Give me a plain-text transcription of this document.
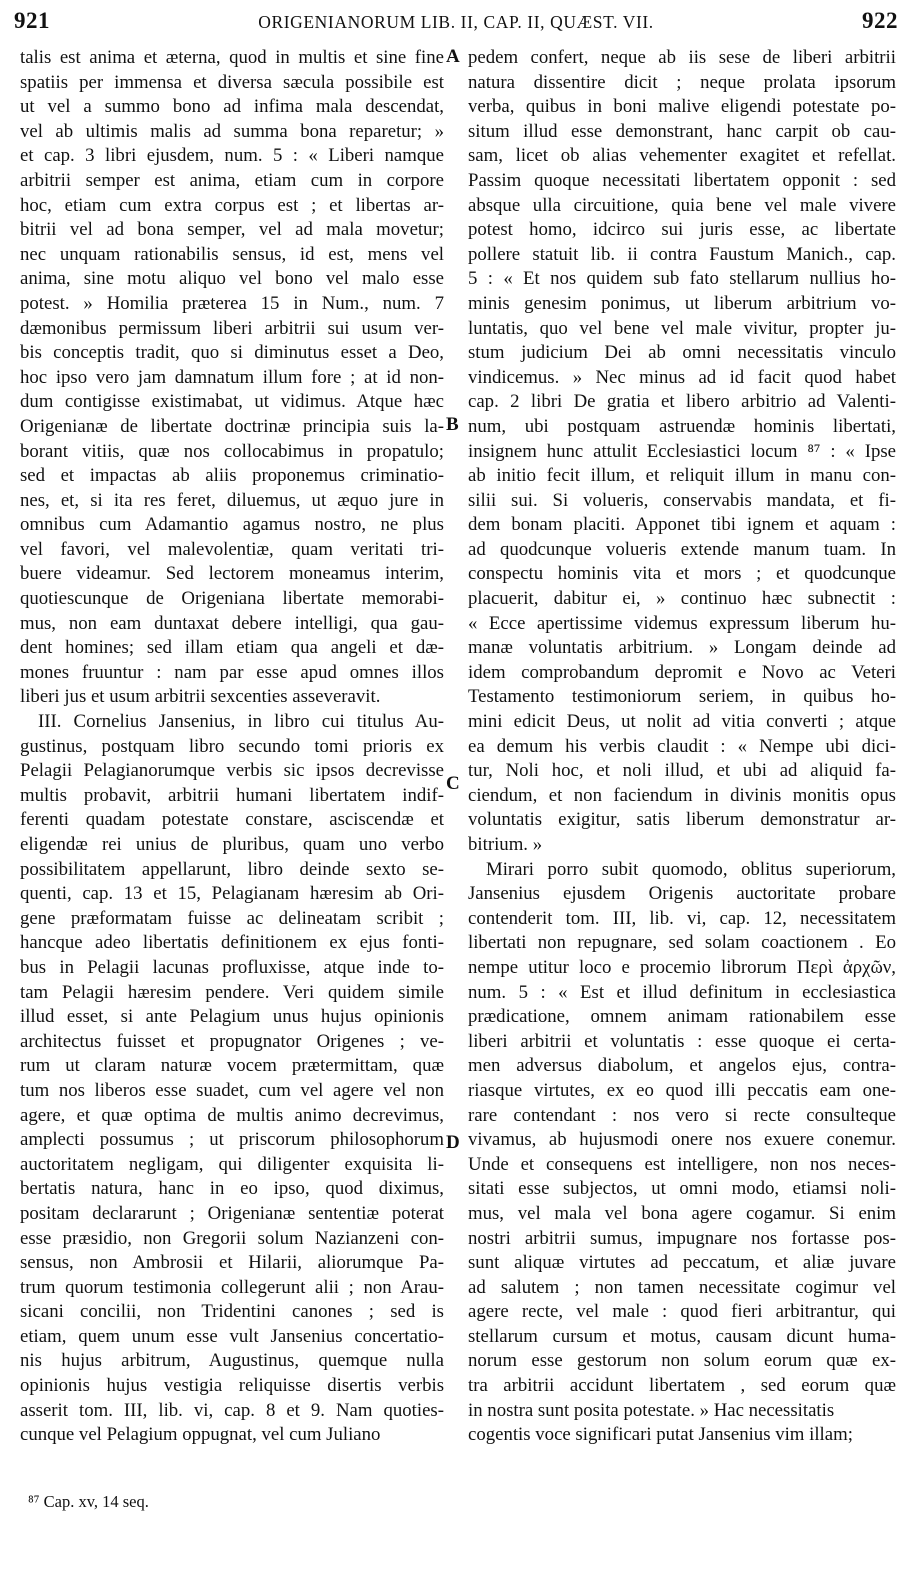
921	ORIGENIANORUM LIB. II, CAP. II, QUÆST. VII.	922
talis est anima et æterna, quod in multis et sine fine
spatiis per immensa et diversa sæcula possibile est
ut vel a summo bono ad infima mala descendat,
vel ab ultimis malis ad summa bona reparetur; »
et cap. 3 libri ejusdem, num. 5 : « Liberi namque
arbitrii semper est anima, etiam cum in corpore
hoc, etiam cum extra corpus est ; et libertas ar-
bitrii vel ad bona semper, vel ad mala movetur;
nec unquam rationabilis sensus, id est, mens vel
anima, sine motu aliquo vel bono vel malo esse
potest. » Homilia præterea 15 in Num., num. 7
dæmonibus permissum liberi arbitrii sui usum ver-
bis conceptis tradit, quo si diminutus esset a Deo,
hoc ipso vero jam damnatum illum fore ; at id non-
dum contigisse existimabat, ut vidimus. Atque hæc
Origenianæ de libertate doctrinæ principia suis la-
borant vitiis, quæ nos collocabimus in propatulo;
sed et impactas ab aliis proponemus criminatio-
nes, et, si ita res feret, diluemus, ut æquo jure in
omnibus cum Adamantio agamus nostro, ne plus
vel favori, vel malevolentiæ, quam veritati tri-
buere videamur. Sed lectorem moneamus interim,
quotiescunque de Origeniana libertate memorabi-
mus, non eam duntaxat debere intelligi, qua gau-
dent homines; sed illam etiam qua angeli et dæ-
mones fruuntur : nam par esse apud omnes illos
liberi jus et usum arbitrii sexcenties asseveravit.
III. Cornelius Jansenius, in libro cui titulus Au-
gustinus, postquam libro secundo tomi prioris ex
Pelagii Pelagianorumque verbis sic ipsos decrevisse
multis probavit, arbitrii humani libertatem indif-
ferenti quadam potestate constare, asciscendæ et
eligendæ rei unius de pluribus, quam uno verbo
possibilitatem appellarunt, libro deinde sexto se-
quenti, cap. 13 et 15, Pelagianam hæresim ab Ori-
gene præformatam fuisse ac delineatam scribit ;
hancque adeo libertatis definitionem ex ejus fonti-
bus in Pelagii lacunas profluxisse, atque inde to-
tam Pelagii hæresim pendere. Veri quidem simile
illud esset, si ante Pelagium unus hujus opinionis
architectus fuisset et propugnator Origenes ; ve-
rum ut claram naturæ vocem prætermittam, quæ
tum nos liberos esse suadet, cum vel agere vel non
agere, et quæ optima de multis animo decrevimus,
amplecti possumus ; ut priscorum philosophorum
auctoritatem negligam, qui diligenter exquisita li-
bertatis natura, hanc in eo ipso, quod diximus,
positam declararunt ; Origenianæ sententiæ poterat
esse præsidio, non Gregorii solum Nazianzeni con-
sensus, non Ambrosii et Hilarii, aliorumque Pa-
trum quorum testimonia collegerunt alii ; non Arau-
sicani concilii, non Tridentini canones ; sed is
etiam, quem unum esse vult Jansenius concertatio-
nis hujus arbitrum, Augustinus, quemque nulla
opinionis hujus vestigia reliquisse disertis verbis
asserit tom. III, lib. vi, cap. 8 et 9. Nam quoties-
cunque vel Pelagium oppugnat, vel cum Juliano
pedem confert, neque ab iis sese de liberi arbitrii
natura dissentire dicit ; neque prolata ipsorum
verba, quibus in boni malive eligendi potestate po-
situm illud esse demonstrant, hanc carpit ob cau-
sam, licet ob alias vehementer exagitet et refellat.
Passim quoque necessitati libertatem opponit : sed
absque ulla circuitione, quia bene vel male vivere
potest homo, idcirco sui juris esse, ac libertate
pollere statuit lib. ii contra Faustum Manich., cap.
5 : « Et nos quidem sub fato stellarum nullius ho-
minis genesim ponimus, ut liberum arbitrium vo-
luntatis, quo vel bene vel male vivitur, propter ju-
stum judicium Dei ab omni necessitatis vinculo
vindicemus. » Nec minus ad id facit quod habet
cap. 2 libri De gratia et libero arbitrio ad Valenti-
num, ubi postquam astruendæ hominis libertati,
insignem hunc attulit Ecclesiastici locum ⁸⁷ : « Ipse
ab initio fecit illum, et reliquit illum in manu con-
silii sui. Si volueris, conservabis mandata, et fi-
dem bonam placiti. Apponet tibi ignem et aquam :
ad quodcunque volueris extende manum tuam. In
conspectu hominis vita et mors ; et quodcunque
placuerit, dabitur ei, » continuo hæc subnectit :
« Ecce apertissime videmus expressum liberum hu-
manæ voluntatis arbitrium. » Longam deinde ad
idem comprobandum depromit e Novo ac Veteri
Testamento testimoniorum seriem, in quibus ho-
mini edicit Deus, ut nolit ad vitia converti ; atque
ea demum his verbis claudit : « Nempe ubi dici-
tur, Noli hoc, et noli illud, et ubi ad aliquid fa-
ciendum, et non faciendum in divinis monitis opus
voluntatis exigitur, satis liberum demonstratur ar-
bitrium. »
Mirari porro subit quomodo, oblitus superiorum,
Jansenius ejusdem Origenis auctoritate probare
contenderit tom. III, lib. vi, cap. 12, necessitatem
libertati non repugnare, sed solam coactionem . Eo
nempe utitur loco e procemio librorum Περὶ ἀρχῶν,
num. 5 : « Est et illud definitum in ecclesiastica
prædicatione, omnem animam rationabilem esse
liberi arbitrii et voluntatis : esse quoque ei certa-
men adversus diabolum, et angelos ejus, contra-
riasque virtutes, ex eo quod illi peccatis eam one-
rare contendant : nos vero si recte consulteque
vivamus, ab hujusmodi onere nos exuere conemur.
Unde et consequens est intelligere, non nos neces-
sitati esse subjectos, ut omni modo, etiamsi noli-
mus, vel mala vel bona agere cogamur. Si enim
nostri arbitrii sumus, impugnare nos fortasse pos-
sunt aliquæ virtutes ad peccatum, et aliæ juvare
ad salutem ; non tamen necessitate cogimur vel
agere recte, vel male : quod fieri arbitrantur, qui
stellarum cursum et motus, causam dicunt huma-
norum esse gestorum non solum eorum quæ ex-
tra arbitrii accidunt libertatem , sed eorum quæ
in nostra sunt posita potestate. » Hac necessitatis
cogentis voce significari putat Jansenius vim illam;
A
B
C
D
⁸⁷ Cap. xv, 14 seq.
